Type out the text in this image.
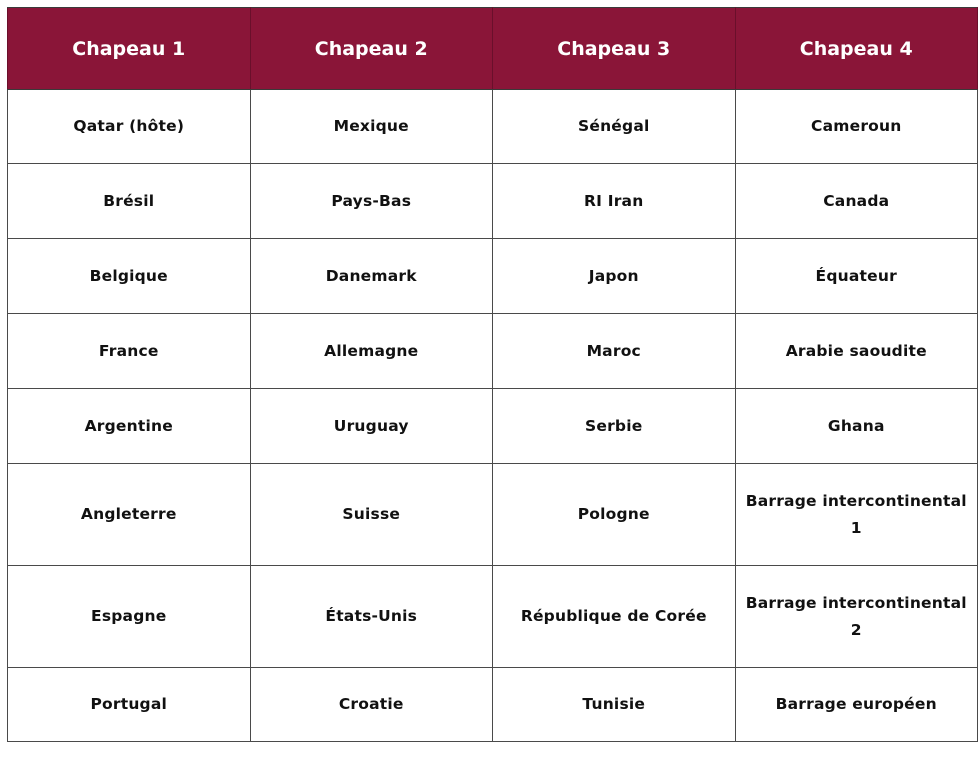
Chapeau 1	Chapeau 2	Chapeau 3	Chapeau 4
Qatar (hôte)	Mexique	Sénégal	Cameroun
Brésil	Pays-Bas	RI Iran	Canada
Belgique	Danemark	Japon	Équateur
France	Allemagne	Maroc	Arabie saoudite
Argentine	Uruguay	Serbie	Ghana
Angleterre	Suisse	Pologne	Barrage intercontinental 1
Espagne	États-Unis	République de Corée	Barrage intercontinental 2
Portugal	Croatie	Tunisie	Barrage européen
